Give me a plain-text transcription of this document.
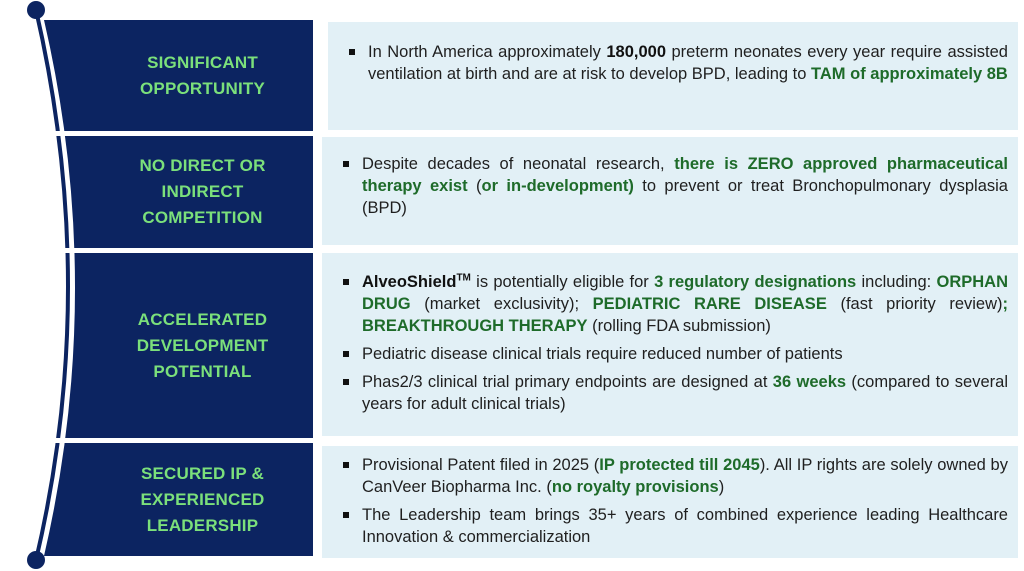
SIGNIFICANT
OPPORTUNITY
In North America approximately 180,000 preterm neonates every year require assisted ventilation at birth and are at risk to develop BPD, leading to TAM of approximately 8B
NO DIRECT OR
INDIRECT
COMPETITION
Despite decades of neonatal research, there is ZERO approved pharmaceutical therapy exist (or in-development) to prevent or treat Bronchopulmonary dysplasia (BPD)
ACCELERATED
DEVELOPMENT
POTENTIAL
AlveoShield™ is potentially eligible for 3 regulatory designations including: ORPHAN DRUG (market exclusivity); PEDIATRIC RARE DISEASE (fast priority review); BREAKTHROUGH THERAPY (rolling FDA submission)
Pediatric disease clinical trials require reduced number of patients
Phas2/3 clinical trial primary endpoints are designed at 36 weeks (compared to several years for adult clinical trials)
SECURED IP &
EXPERIENCED
LEADERSHIP
Provisional Patent filed in 2025 (IP protected till 2045). All IP rights are solely owned by CanVeer Biopharma Inc. (no royalty provisions)
The Leadership team brings 35+ years of combined experience leading Healthcare Innovation & commercialization
